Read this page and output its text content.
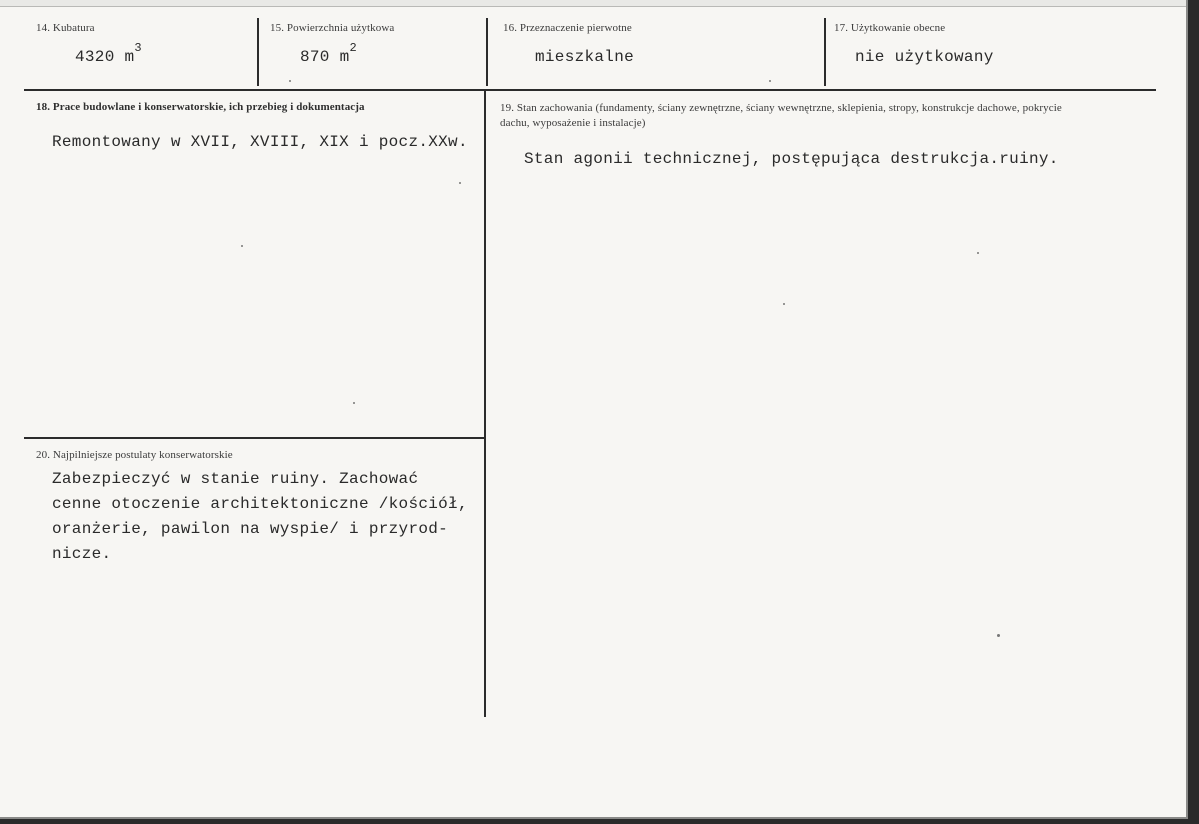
14. Kubatura
4320 $m^3$
15. Powierzchnia użytkowa
870 $m^2$
16. Przeznaczenie pierwotne
mieszkalne
17. Użytkowanie obecne
nie użytkowany
18. Prace budowlane i konserwatorskie, ich przebieg i dokumentacja
Remontowany w XVII, XVIII, XIX i pocz.XXw.
19. Stan zachowania (fundamenty, ściany zewnętrzne, ściany wewnętrzne, sklepienia, stropy, konstrukcje dachowe, pokrycie dachu, wyposażenie i instalacje)
Stan agonii technicznej, postępująca destrukcja.ruiny.
20. Najpilniejsze postulaty konserwatorskie
Zabezpieczyć w stanie ruiny. Zachować
cenne otoczenie architektoniczne /kościół,
oranżerie, pawilon na wyspie/ i przyrod-
nicze.
